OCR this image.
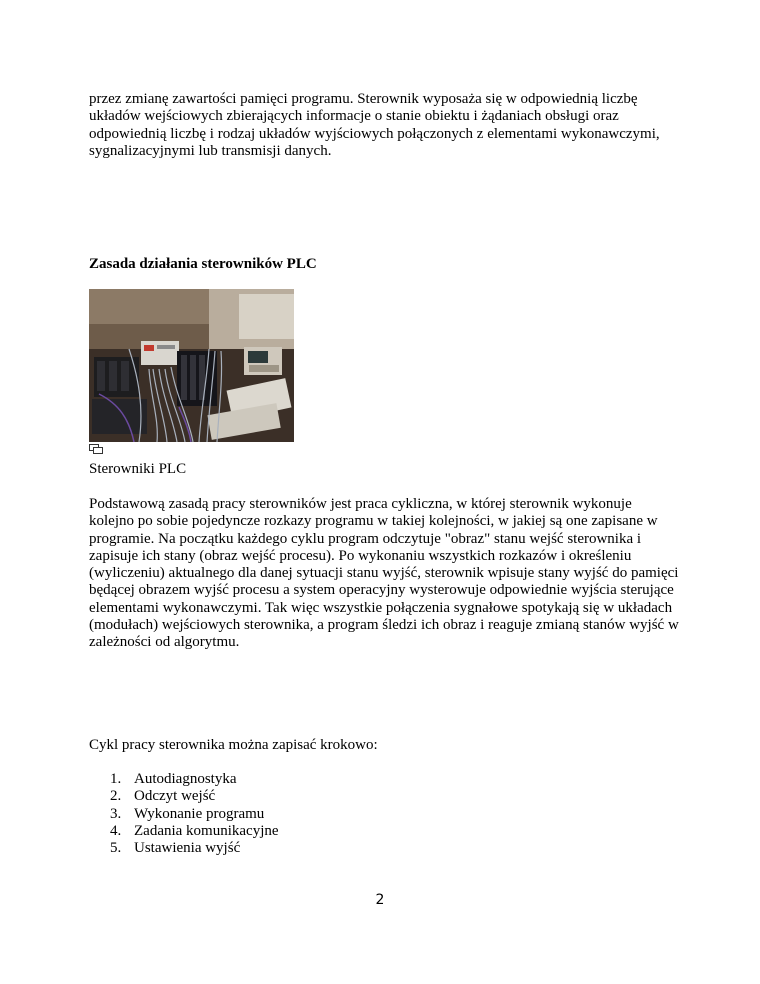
przez zmianę zawartości pamięci programu. Sterownik wyposaża się w odpowiednią liczbę układów wejściowych zbierających informacje o stanie obiektu i żądaniach obsługi oraz odpowiednią liczbę i rodzaj układów wyjściowych połączonych z elementami wykonawczymi, sygnalizacyjnymi lub transmisji danych.

Zasada działania sterowników PLC

Sterowniki PLC

Podstawową zasadą pracy sterowników jest praca cykliczna, w której sterownik wykonuje kolejno po sobie pojedyncze rozkazy programu w takiej kolejności, w jakiej są one zapisane w programie. Na początku każdego cyklu program odczytuje "obraz" stanu wejść sterownika i zapisuje ich stany (obraz wejść procesu). Po wykonaniu wszystkich rozkazów i określeniu (wyliczeniu) aktualnego dla danej sytuacji stanu wyjść, sterownik wpisuje stany wyjść do pamięci będącej obrazem wyjść procesu a system operacyjny wysterowuje odpowiednie wyjścia sterujące elementami wykonawczymi. Tak więc wszystkie połączenia sygnałowe spotykają się w układach (modułach) wejściowych sterownika, a program śledzi ich obraz i reaguje zmianą stanów wyjść w zależności od algorytmu.

Cykl pracy sterownika można zapisać krokowo:

1. Autodiagnostyka
2. Odczyt wejść
3. Wykonanie programu
4. Zadania komunikacyjne
5. Ustawienia wyjść

2
